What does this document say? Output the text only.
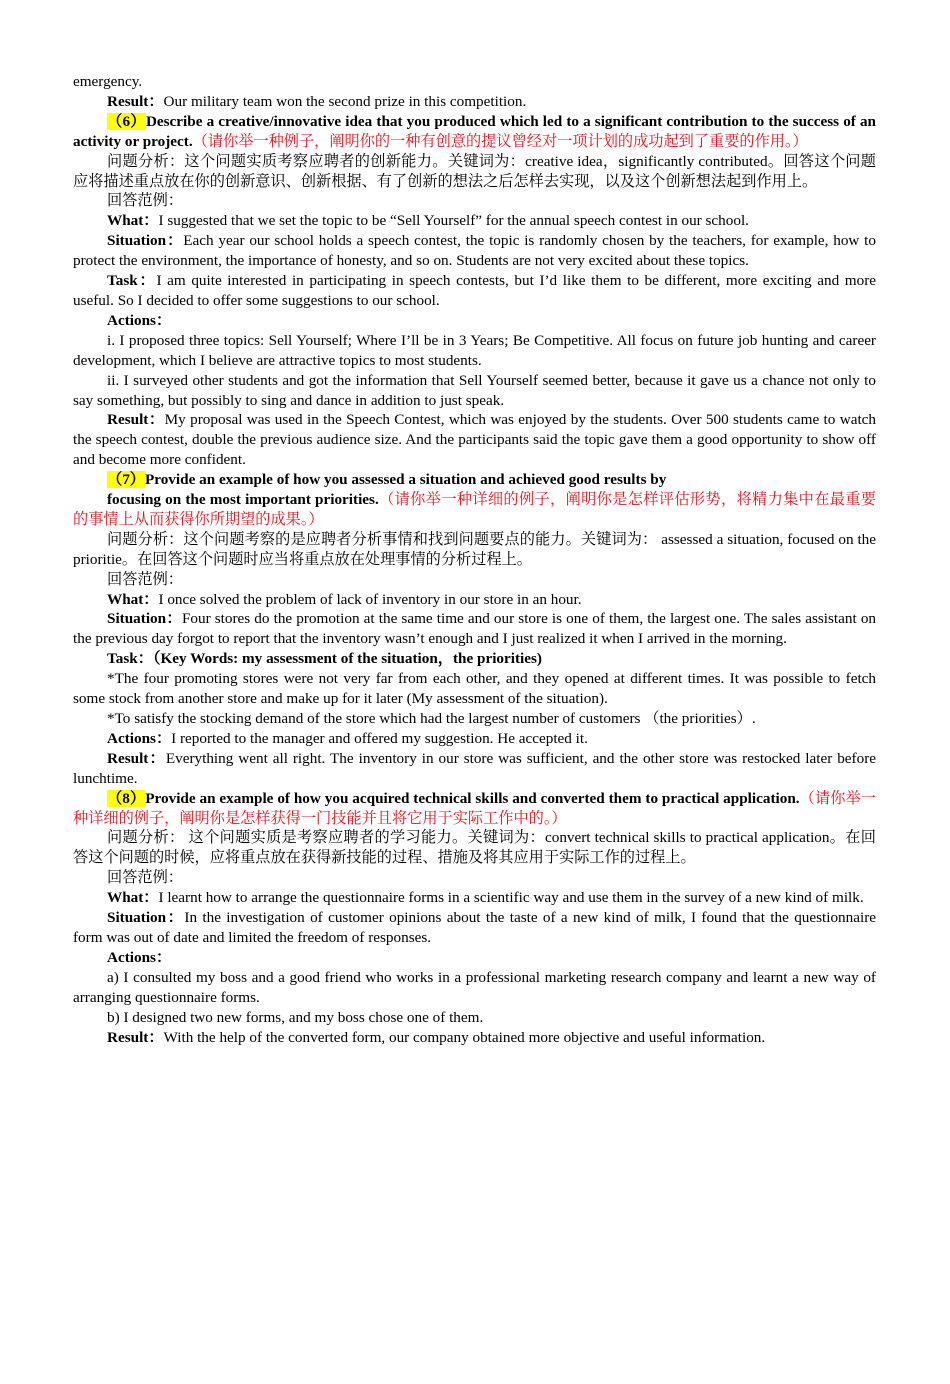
emergency.

Result：Our military team won the second prize in this competition.

（6）Describe a creative/innovative idea that you produced which led to a significant contribution to the success of an activity or project.（请你举一种例子，阐明你的一种有创意的提议曾经对一项计划的成功起到了重要的作用。）

问题分析：这个问题实质考察应聘者的创新能力。关键词为：creative idea，significantly contributed。回答这个问题应将描述重点放在你的创新意识、创新根据、有了创新的想法之后怎样去实现，以及这个创新想法起到作用上。

回答范例：

What：I suggested that we set the topic to be “Sell Yourself” for the annual speech contest in our school.

Situation：Each year our school holds a speech contest, the topic is randomly chosen by the teachers, for example, how to protect the environment, the importance of honesty, and so on. Students are not very excited about these topics.

Task：I am quite interested in participating in speech contests, but I’d like them to be different, more exciting and more useful. So I decided to offer some suggestions to our school.

Actions：

i. I proposed three topics: Sell Yourself; Where I’ll be in 3 Years; Be Competitive. All focus on future job hunting and career development, which I believe are attractive topics to most students.

ii. I surveyed other students and got the information that Sell Yourself seemed better, because it gave us a chance not only to say something, but possibly to sing and dance in addition to just speak.

Result：My proposal was used in the Speech Contest, which was enjoyed by the students. Over 500 students came to watch the speech contest, double the previous audience size. And the participants said the topic gave them a good opportunity to show off and become more confident.

（7）Provide an example of how you assessed a situation and achieved good results by

focusing on the most important priorities.（请你举一种详细的例子，阐明你是怎样评估形势，将精力集中在最重要的事情上从而获得你所期望的成果。）

问题分析：这个问题考察的是应聘者分析事情和找到问题要点的能力。关键词为： assessed a situation, focused on the prioritie。在回答这个问题时应当将重点放在处理事情的分析过程上。

回答范例：

What：I once solved the problem of lack of inventory in our store in an hour.

Situation：Four stores do the promotion at the same time and our store is one of them, the largest one. The sales assistant on the previous day forgot to report that the inventory wasn’t enough and I just realized it when I arrived in the morning.

Task：（Key Words: my assessment of the situation，the priorities)

*The four promoting stores were not very far from each other, and they opened at different times. It was possible to fetch some stock from another store and make up for it later (My assessment of the situation).

*To satisfy the stocking demand of the store which had the largest number of customers （the priorities）.

Actions：I reported to the manager and offered my suggestion. He accepted it.

Result：Everything went all right. The inventory in our store was sufficient, and the other store was restocked later before lunchtime.

（8）Provide an example of how you acquired technical skills and converted them to practical application.（请你举一种详细的例子，阐明你是怎样获得一门技能并且将它用于实际工作中的。）

问题分析： 这个问题实质是考察应聘者的学习能力。关键词为：convert technical skills to practical application。在回答这个问题的时候，应将重点放在获得新技能的过程、措施及将其应用于实际工作的过程上。

回答范例：

What：I learnt how to arrange the questionnaire forms in a scientific way and use them in the survey of a new kind of milk.

Situation：In the investigation of customer opinions about the taste of a new kind of milk, I found that the questionnaire form was out of date and limited the freedom of responses.

Actions：

a) I consulted my boss and a good friend who works in a professional marketing research company and learnt a new way of arranging questionnaire forms.

b) I designed two new forms, and my boss chose one of them.

Result：With the help of the converted form, our company obtained more objective and useful information.
